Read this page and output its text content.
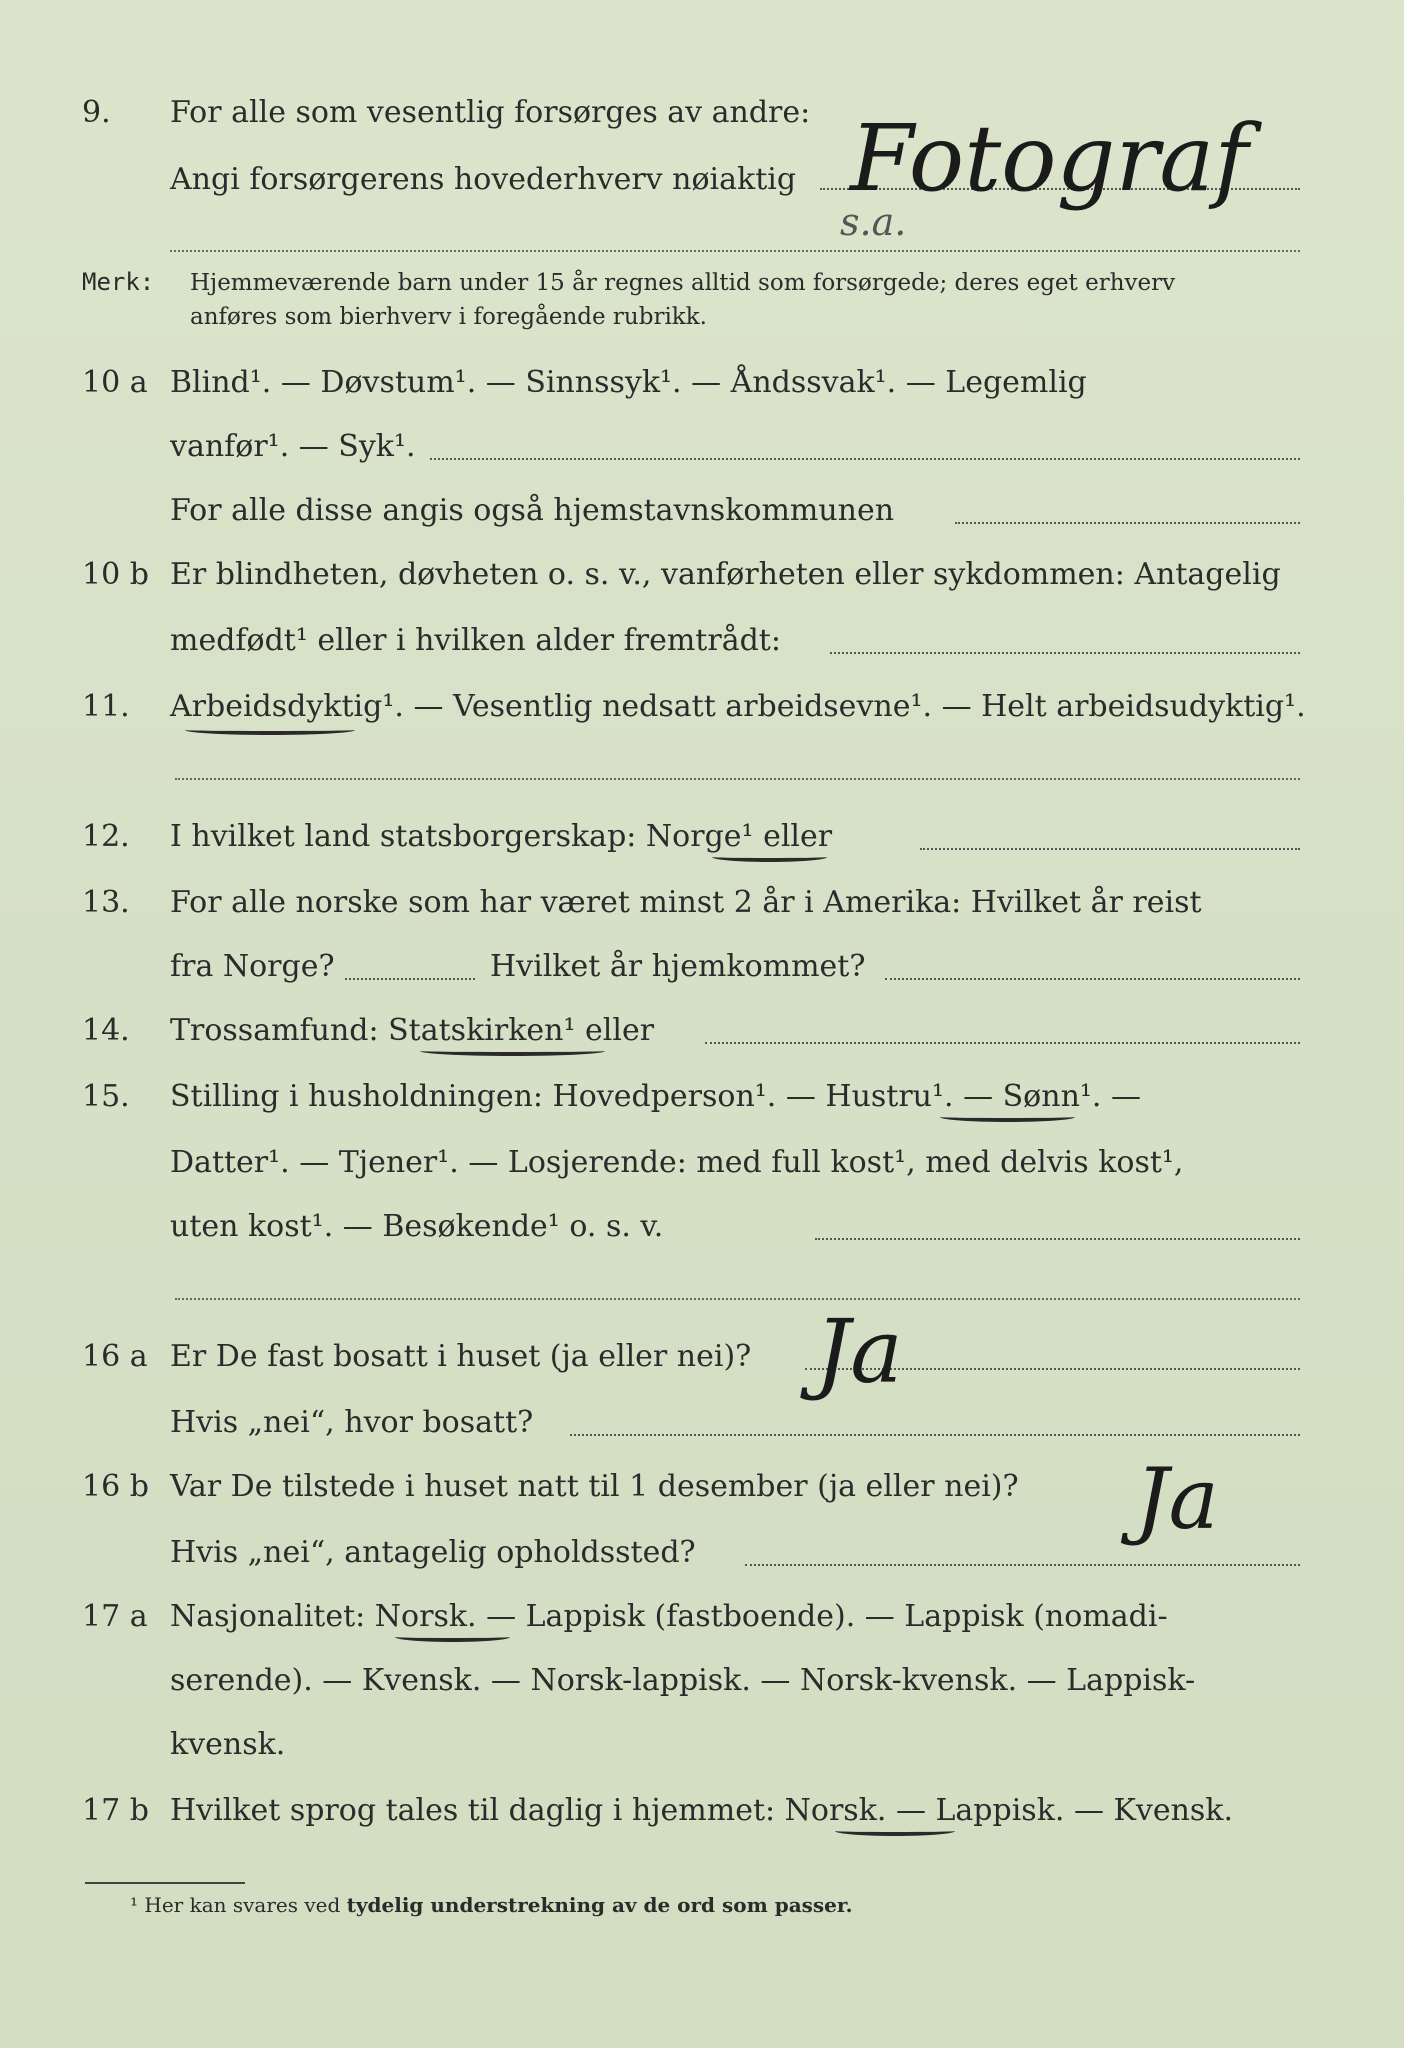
9. For alle som vesentlig forsørges av andre:
Angi forsørgerens hovederhverv nøiaktig Fotograf
s.a.
Merk: Hjemmeværende barn under 15 år regnes alltid som forsørgede; deres eget erhverv
anføres som bierhverv i foregående rubrikk.
10 a Blind¹. — Døvstum¹. — Sinnssyk¹. — Åndssvak¹. — Legemlig
vanfør¹. — Syk¹.
For alle disse angis også hjemstavnskommunen
10 b Er blindheten, døvheten o. s. v., vanførheten eller sykdommen: Antagelig
medfødt¹ eller i hvilken alder fremtrådt:
11. Arbeidsdyktig¹. — Vesentlig nedsatt arbeidsevne¹. — Helt arbeidsudyktig¹.
12. I hvilket land statsborgerskap: Norge¹ eller
13. For alle norske som har været minst 2 år i Amerika: Hvilket år reist
fra Norge?	Hvilket år hjemkommet?
14. Trossamfund: Statskirken¹ eller
15. Stilling i husholdningen: Hovedperson¹. — Hustru¹. — Sønn¹. —
Datter¹. — Tjener¹. — Losjerende: med full kost¹, med delvis kost¹,
uten kost¹. — Besøkende¹ o. s. v.
16 a Er De fast bosatt i huset (ja eller nei)? Ja
Hvis „nei“, hvor bosatt?
16 b Var De tilstede i huset natt til 1 desember (ja eller nei)? Ja
Hvis „nei“, antagelig opholdssted?
17 a Nasjonalitet: Norsk. — Lappisk (fastboende). — Lappisk (nomadi-
serende). — Kvensk. — Norsk-lappisk. — Norsk-kvensk. — Lappisk-
kvensk.
17 b Hvilket sprog tales til daglig i hjemmet: Norsk. — Lappisk. — Kvensk.
¹ Her kan svares ved tydelig understrekning av de ord som passer.
